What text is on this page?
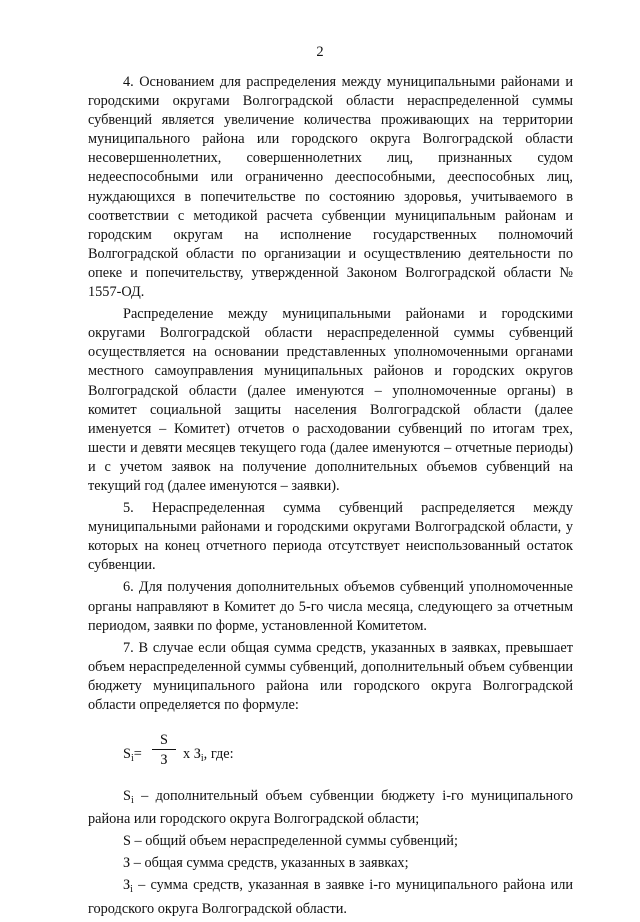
2

4. Основанием для распределения между муниципальными районами и городскими округами Волгоградской области нераспределенной суммы субвенций является увеличение количества проживающих на территории муниципального района или городского округа Волгоградской области несовершеннолетних, совершеннолетних лиц, признанных судом недееспособными или ограниченно дееспособными, дееспособных лиц, нуждающихся в попечительстве по состоянию здоровья, учитываемого в соответствии с методикой расчета субвенции муниципальным районам и городским округам на исполнение государственных полномочий Волгоградской области по организации и осуществлению деятельности по опеке и попечительству, утвержденной Законом Волгоградской области № 1557-ОД.

Распределение между муниципальными районами и городскими округами Волгоградской области нераспределенной суммы субвенций осуществляется на основании представленных уполномоченными органами местного самоуправления муниципальных районов и городских округов Волгоградской области (далее именуются – уполномоченные органы) в комитет социальной защиты населения Волгоградской области (далее именуется – Комитет) отчетов о расходовании субвенций по итогам трех, шести и девяти месяцев текущего года (далее именуются – отчетные периоды) и с учетом заявок на получение дополнительных объемов субвенций на текущий год (далее именуются – заявки).

5. Нераспределенная сумма субвенций распределяется между муниципальными районами и городскими округами Волгоградской области, у которых на конец отчетного периода отсутствует неиспользованный остаток субвенции.

6. Для получения дополнительных объемов субвенций уполномоченные органы направляют в Комитет до 5-го числа месяца, следующего за отчетным периодом, заявки по форме, установленной Комитетом.

7. В случае если общая сумма средств, указанных в заявках, превышает объем нераспределенной суммы субвенций, дополнительный объем субвенции бюджету муниципального района или городского округа Волгоградской области определяется по формуле:

$S_i=$
S
З	x $З_i$, где:

$S_i$ – дополнительный объем субвенции бюджету i-го муниципального района или городского округа Волгоградской области;

S – общий объем нераспределенной суммы субвенций;

З – общая сумма средств, указанных в заявках;

$З_i$ – сумма средств, указанная в заявке i-го муниципального района или городского округа Волгоградской области.
